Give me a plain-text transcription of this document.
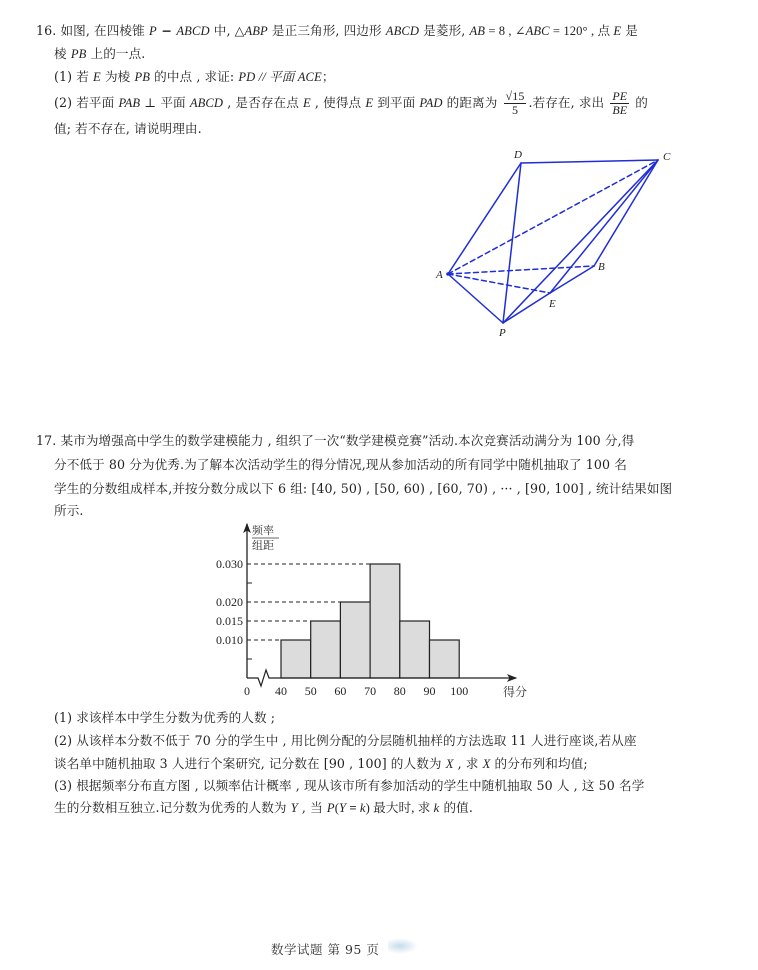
16. 如图, 在四棱锥 P − ABCD 中, △ABP 是正三角形, 四边形 ABCD 是菱形, AB = 8 , ∠ABC = 120° , 点 E 是
棱 PB 上的一点.
(1) 若 E 为棱 PB 的中点 , 求证: PD // 平面 ACE；
(2) 若平面 PAB ⊥ 平面 ABCD , 是否存在点 E , 使得点 E 到平面 PAD 的距离为 $\frac{√15}{5}$ .若存在, 求出 $\frac{PE}{BE}$ 的
值; 若不存在, 请说明理由.
D	C
A
B
E
P
17. 某市为增强高中学生的数学建模能力 , 组织了一次“数学建模竞赛”活动.本次竞赛活动满分为 100 分,得
分不低于 80 分为优秀.为了解本次活动学生的得分情况,现从参加活动的所有同学中随机抽取了 100 名
学生的分数组成样本,并按分数分成以下 6 组: [40, 50) , [50, 60) , [60, 70) , ··· , [90, 100] , 统计结果如图
所示.
0.030
0.020
0.015
0.010
0 40 50 60 70 80 90 100
频率
组距
得分
(1) 求该样本中学生分数为优秀的人数 ;
(2) 从该样本分数不低于 70 分的学生中 , 用比例分配的分层随机抽样的方法选取 11 人进行座谈,若从座
谈名单中随机抽取 3 人进行个案研究, 记分数在 [90 , 100] 的人数为 X , 求 X 的分布列和均值;
(3) 根据频率分布直方图 , 以频率估计概率 , 现从该市所有参加活动的学生中随机抽取 50 人 , 这 50 名学
生的分数相互独立.记分数为优秀的人数为 Y , 当 P(Y = k) 最大时, 求 k 的值.
数学试题 第 95 页
